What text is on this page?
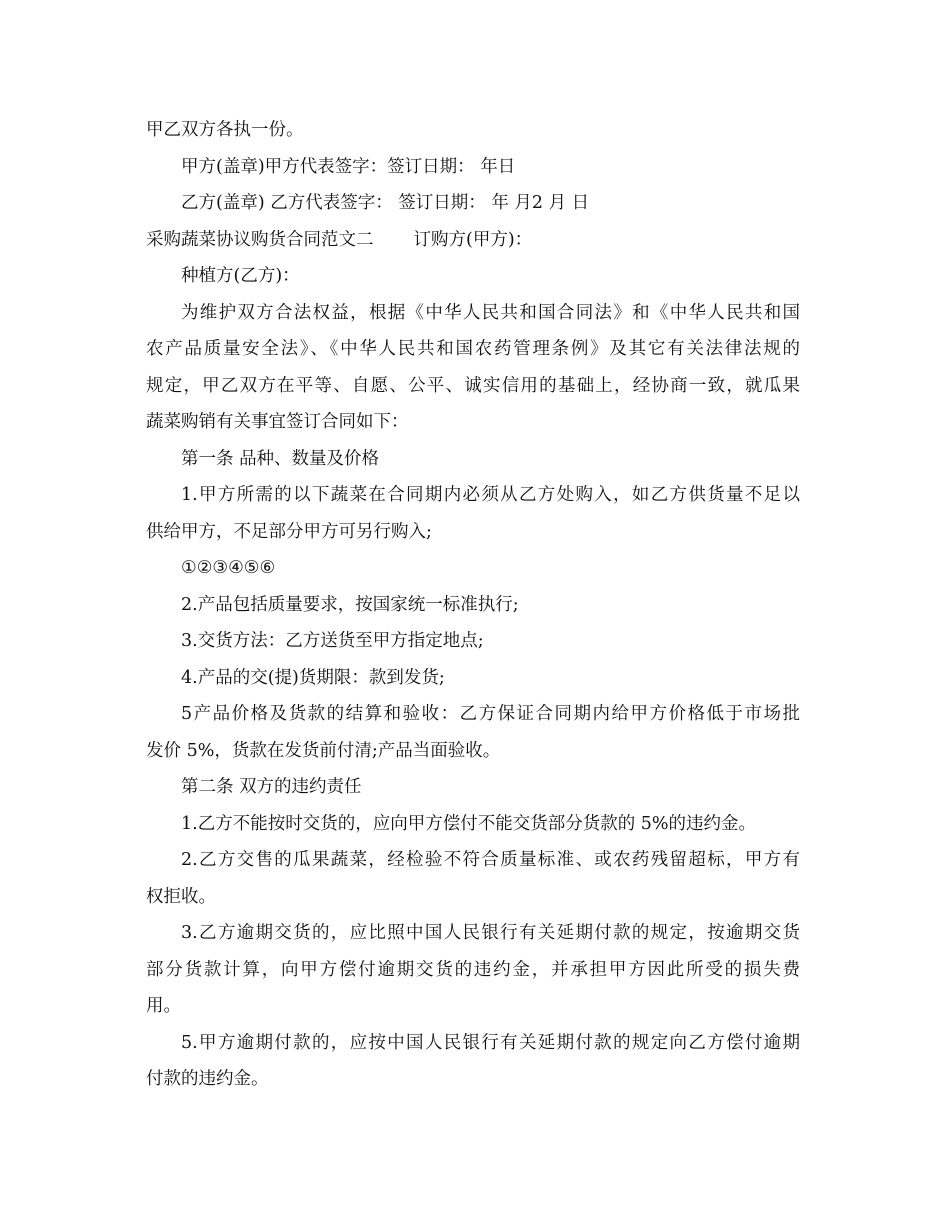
甲乙双方各执一份。
甲方(盖章)甲方代表签字：签订日期： 年日
乙方(盖章) 乙方代表签字： 签订日期： 年 月2 月 日
采购蔬菜协议购货合同范文二 订购方(甲方)：
种植方(乙方)：
为维护双方合法权益，根据《中华人民共和国合同法》和《中华人民共和国
农产品质量安全法》、《中华人民共和国农药管理条例》及其它有关法律法规的
规定，甲乙双方在平等、自愿、公平、诚实信用的基础上，经协商一致，就瓜果
蔬菜购销有关事宜签订合同如下：
第一条 品种、数量及价格
1.甲方所需的以下蔬菜在合同期内必须从乙方处购入，如乙方供货量不足以
供给甲方，不足部分甲方可另行购入;
①②③④⑤⑥
2.产品包括质量要求，按国家统一标准执行;
3.交货方法：乙方送货至甲方指定地点;
4.产品的交(提)货期限：款到发货;
5产品价格及货款的结算和验收：乙方保证合同期内给甲方价格低于市场批
发价 5%，货款在发货前付清;产品当面验收。
第二条 双方的违约责任
1.乙方不能按时交货的，应向甲方偿付不能交货部分货款的 5%的违约金。
2.乙方交售的瓜果蔬菜，经检验不符合质量标准、或农药残留超标，甲方有
权拒收。
3.乙方逾期交货的，应比照中国人民银行有关延期付款的规定，按逾期交货
部分货款计算，向甲方偿付逾期交货的违约金，并承担甲方因此所受的损失费
用。
5.甲方逾期付款的，应按中国人民银行有关延期付款的规定向乙方偿付逾期
付款的违约金。
